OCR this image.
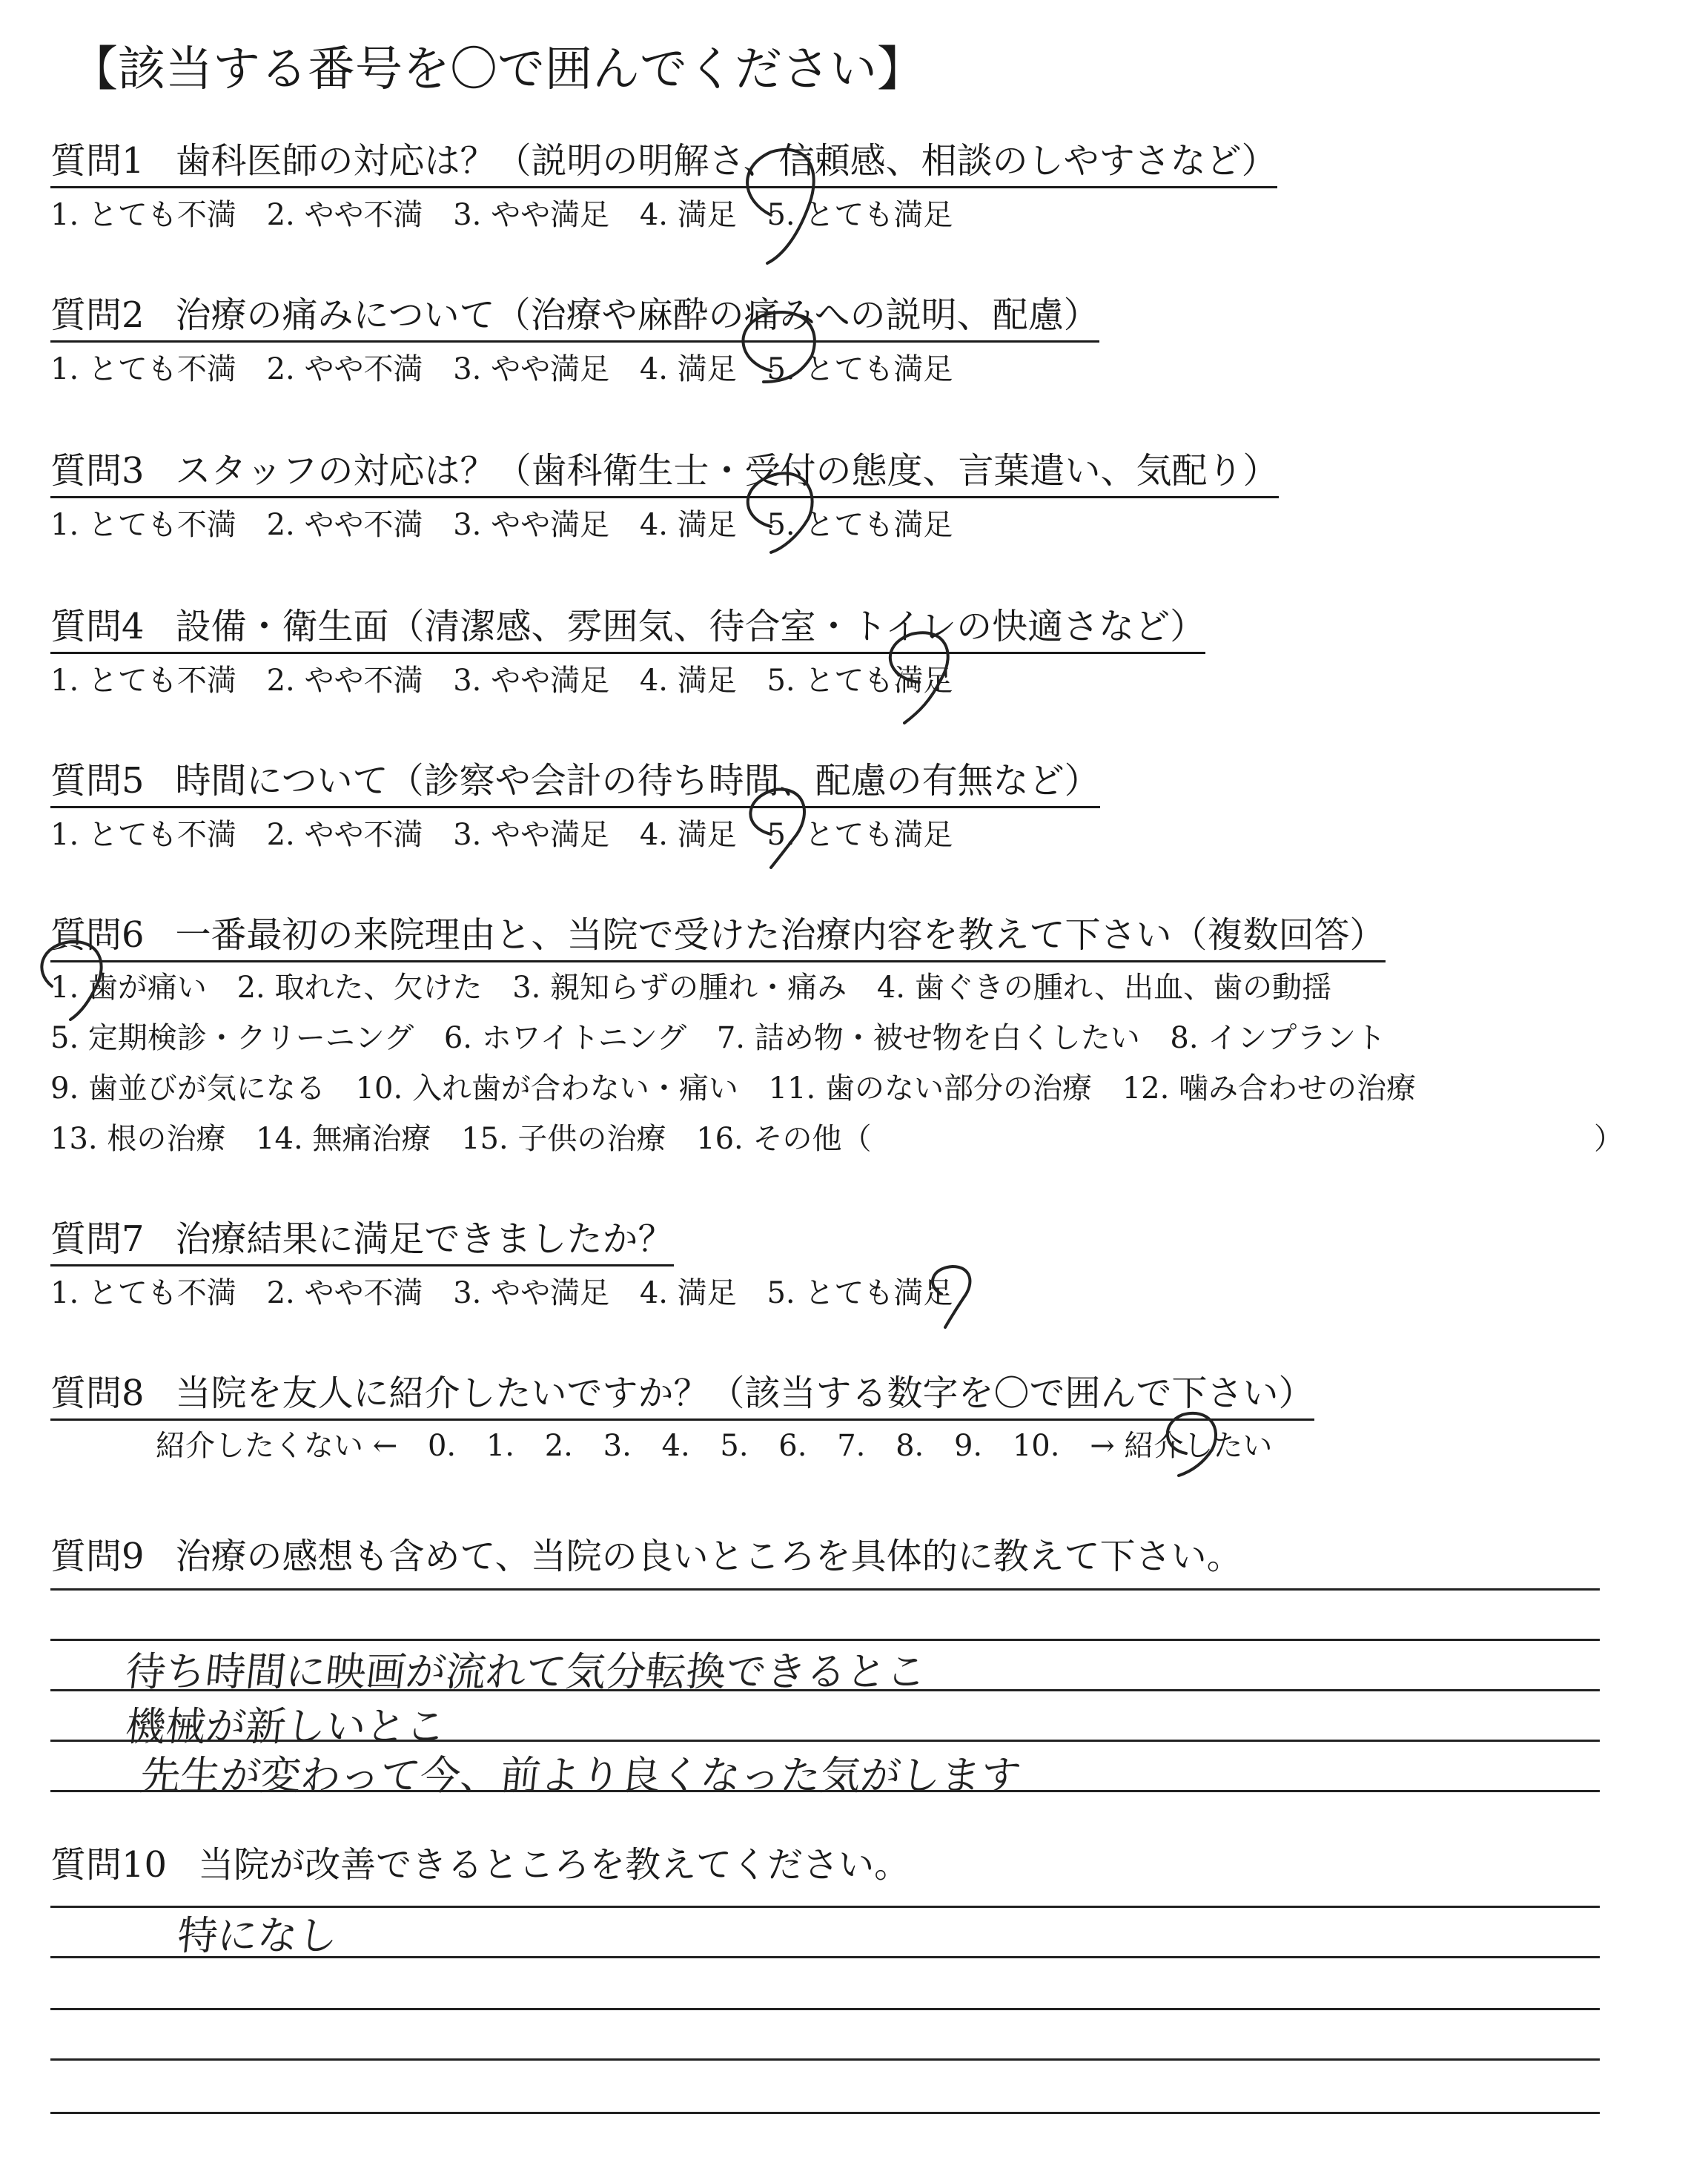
【該当する番号を〇で囲んでください】
質問1 歯科医師の対応は？（説明の明解さ、信頼感、相談のしやすさなど）
1. とても不満 2. やや不満 3. やや満足 4. 満足 5. とても満足
質問2 治療の痛みについて（治療や麻酔の痛みへの説明、配慮）
1. とても不満 2. やや不満 3. やや満足 4. 満足 5. とても満足
質問3 スタッフの対応は？（歯科衛生士・受付の態度、言葉遣い、気配り）
1. とても不満 2. やや不満 3. やや満足 4. 満足 5. とても満足
質問4 設備・衛生面（清潔感、雰囲気、待合室・トイレの快適さなど）
1. とても不満 2. やや不満 3. やや満足 4. 満足 5. とても満足
質問5 時間について（診察や会計の待ち時間、配慮の有無など）
1. とても不満 2. やや不満 3. やや満足 4. 満足 5. とても満足
質問6 一番最初の来院理由と、当院で受けた治療内容を教えて下さい（複数回答）
1. 歯が痛い 2. 取れた、欠けた 3. 親知らずの腫れ・痛み 4. 歯ぐきの腫れ、出血、歯の動揺
5. 定期検診・クリーニング 6. ホワイトニング 7. 詰め物・被せ物を白くしたい 8. インプラント
9. 歯並びが気になる 10. 入れ歯が合わない・痛い 11. 歯のない部分の治療 12. 噛み合わせの治療
13. 根の治療 14. 無痛治療 15. 子供の治療 16. その他（	）
質問7 治療結果に満足できましたか？
1. とても不満 2. やや不満 3. やや満足 4. 満足 5. とても満足
質問8 当院を友人に紹介したいですか？（該当する数字を〇で囲んで下さい）
紹介したくない ← 0. 1. 2. 3. 4. 5. 6. 7. 8. 9. 10. → 紹介したい
質問9 治療の感想も含めて、当院の良いところを具体的に教えて下さい。
待ち時間に映画が流れて気分転換できるとこ
機械が新しいとこ
先生が変わって今、前より良くなった気がします
質問10 当院が改善できるところを教えてください。
特になし
